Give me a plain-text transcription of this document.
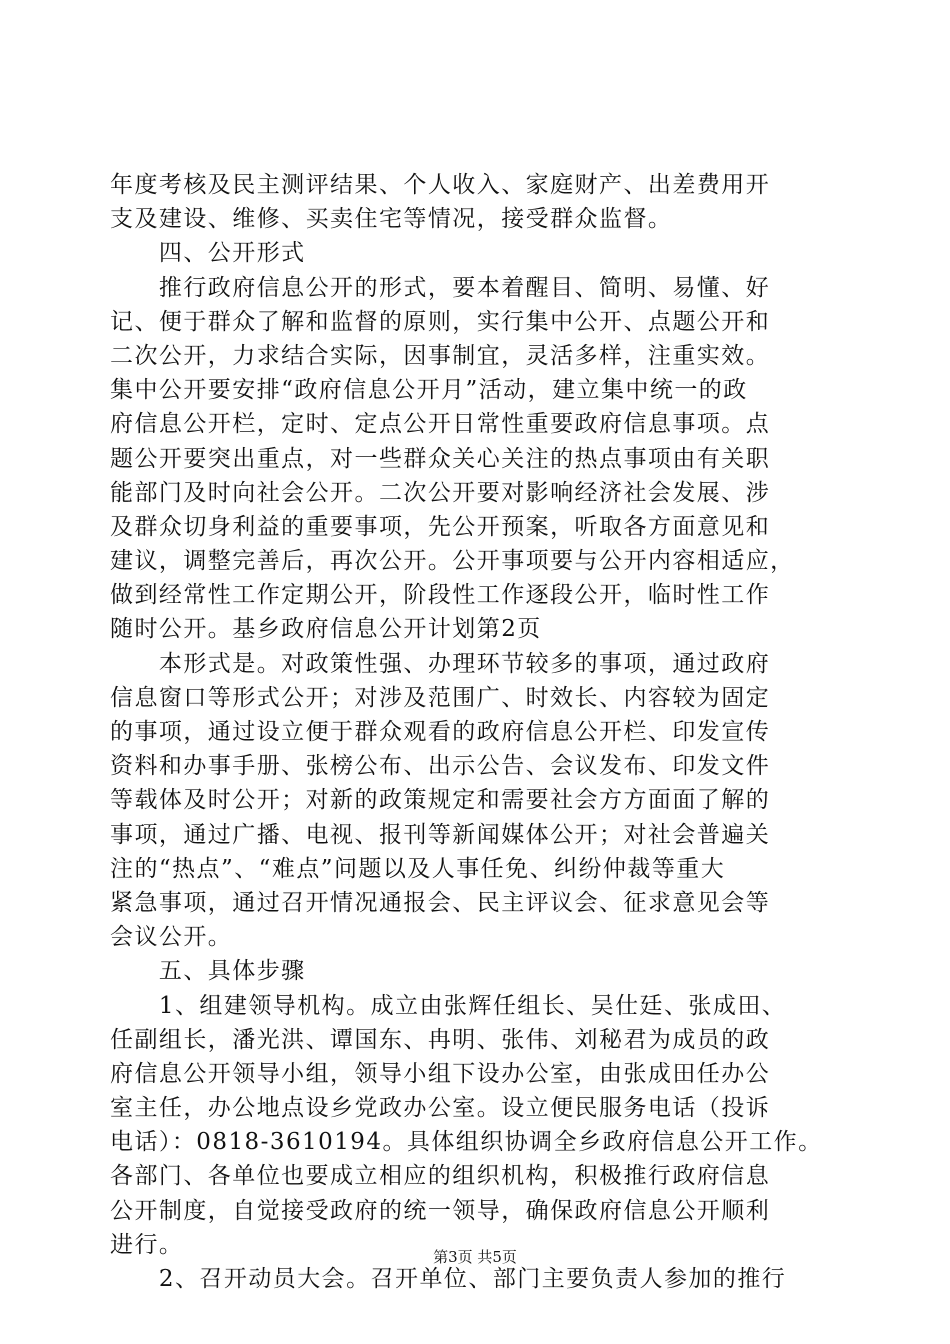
年度考核及民主测评结果、个人收入、家庭财产、出差费用开
支及建设、维修、买卖住宅等情况，接受群众监督。
　　四、公开形式
　　推行政府信息公开的形式，要本着醒目、简明、易懂、好
记、便于群众了解和监督的原则，实行集中公开、点题公开和
二次公开，力求结合实际，因事制宜，灵活多样，注重实效。
集中公开要安排“政府信息公开月”活动，建立集中统一的政
府信息公开栏，定时、定点公开日常性重要政府信息事项。点
题公开要突出重点，对一些群众关心关注的热点事项由有关职
能部门及时向社会公开。二次公开要对影响经济社会发展、涉
及群众切身利益的重要事项，先公开预案，听取各方面意见和
建议，调整完善后，再次公开。公开事项要与公开内容相适应，
做到经常性工作定期公开，阶段性工作逐段公开，临时性工作
随时公开。基乡政府信息公开计划第2页
　　本形式是。对政策性强、办理环节较多的事项，通过政府
信息窗口等形式公开；对涉及范围广、时效长、内容较为固定
的事项，通过设立便于群众观看的政府信息公开栏、印发宣传
资料和办事手册、张榜公布、出示公告、会议发布、印发文件
等载体及时公开；对新的政策规定和需要社会方方面面了解的
事项，通过广播、电视、报刊等新闻媒体公开；对社会普遍关
注的“热点”、“难点”问题以及人事任免、纠纷仲裁等重大
紧急事项，通过召开情况通报会、民主评议会、征求意见会等
会议公开。
　　五、具体步骤
　　1、组建领导机构。成立由张辉任组长、吴仕廷、张成田、
任副组长，潘光洪、谭国东、冉明、张伟、刘秘君为成员的政
府信息公开领导小组，领导小组下设办公室，由张成田任办公
室主任，办公地点设乡党政办公室。设立便民服务电话（投诉
电话）：0818-3610194。具体组织协调全乡政府信息公开工作。
各部门、各单位也要成立相应的组织机构，积极推行政府信息
公开制度，自觉接受政府的统一领导，确保政府信息公开顺利
进行。
　　2、召开动员大会。召开单位、部门主要负责人参加的推行
第3页 共5页
